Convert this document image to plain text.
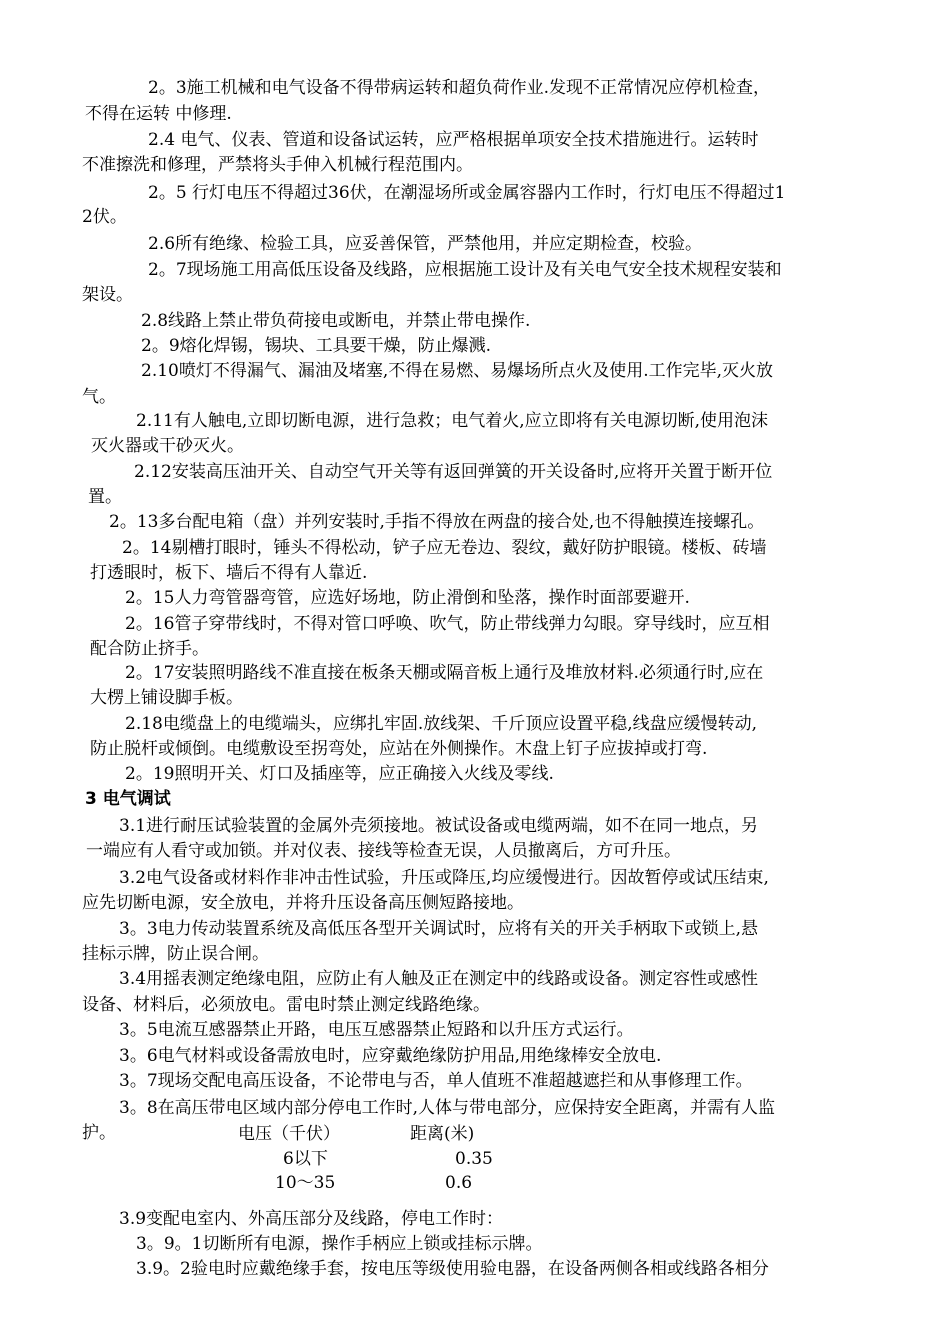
2。3施工机械和电气设备不得带病运转和超负荷作业.发现不正常情况应停机检查，
不得在运转 中修理.
2.4 电气、仪表、管道和设备试运转，应严格根据单项安全技术措施进行。运转时
不准擦洗和修理，严禁将头手伸入机械行程范围内。
2。5 行灯电压不得超过36伏，在潮湿场所或金属容器内工作时，行灯电压不得超过1
2伏。
2.6所有绝缘、检验工具，应妥善保管，严禁他用，并应定期检查，校验。
2。7现场施工用高低压设备及线路，应根据施工设计及有关电气安全技术规程安装和
架设。
2.8线路上禁止带负荷接电或断电，并禁止带电操作.
2。9熔化焊锡，锡块、工具要干燥，防止爆溅.
2.10喷灯不得漏气、漏油及堵塞,不得在易燃、易爆场所点火及使用.工作完毕,灭火放
气。
2.11有人触电,立即切断电源，进行急救；电气着火,应立即将有关电源切断,使用泡沫
灭火器或干砂灭火。
2.12安装高压油开关、自动空气开关等有返回弹簧的开关设备时,应将开关置于断开位
置。
2。13多台配电箱（盘）并列安装时,手指不得放在两盘的接合处,也不得触摸连接螺孔。
2。14剔槽打眼时，锤头不得松动，铲子应无卷边、裂纹，戴好防护眼镜。楼板、砖墙
打透眼时，板下、墙后不得有人靠近.
2。15人力弯管器弯管，应选好场地，防止滑倒和坠落，操作时面部要避开.
2。16管子穿带线时，不得对管口呼唤、吹气，防止带线弹力勾眼。穿导线时，应互相
配合防止挤手。
2。17安装照明路线不准直接在板条天棚或隔音板上通行及堆放材料.必须通行时,应在
大楞上铺设脚手板。
2.18电缆盘上的电缆端头，应绑扎牢固.放线架、千斤顶应设置平稳,线盘应缓慢转动,
防止脱杆或倾倒。电缆敷设至拐弯处，应站在外侧操作。木盘上钉子应拔掉或打弯.
2。19照明开关、灯口及插座等，应正确接入火线及零线.
3 电气调试
3.1进行耐压试验装置的金属外壳须接地。被试设备或电缆两端，如不在同一地点，另
一端应有人看守或加锁。并对仪表、接线等检查无误，人员撤离后，方可升压。
3.2电气设备或材料作非冲击性试验，升压或降压,均应缓慢进行。因故暂停或试压结束,
应先切断电源，安全放电，并将升压设备高压侧短路接地。
3。3电力传动装置系统及高低压各型开关调试时，应将有关的开关手柄取下或锁上,悬
挂标示牌，防止误合闸。
3.4用摇表测定绝缘电阻，应防止有人触及正在测定中的线路或设备。测定容性或感性
设备、材料后，必须放电。雷电时禁止测定线路绝缘。
3。5电流互感器禁止开路，电压互感器禁止短路和以升压方式运行。
3。6电气材料或设备需放电时，应穿戴绝缘防护用品,用绝缘棒安全放电.
3。7现场交配电高压设备，不论带电与否，单人值班不准超越遮拦和从事修理工作。
3。8在高压带电区域内部分停电工作时,人体与带电部分，应保持安全距离，并需有人监
护。
3.9变配电室内、外高压部分及线路，停电工作时：
3。9。1切断所有电源，操作手柄应上锁或挂标示牌。
3.9。2验电时应戴绝缘手套，按电压等级使用验电器，在设备两侧各相或线路各相分
电压（千伏）	距离(米)
6以下	0.35
10～35	0.6
